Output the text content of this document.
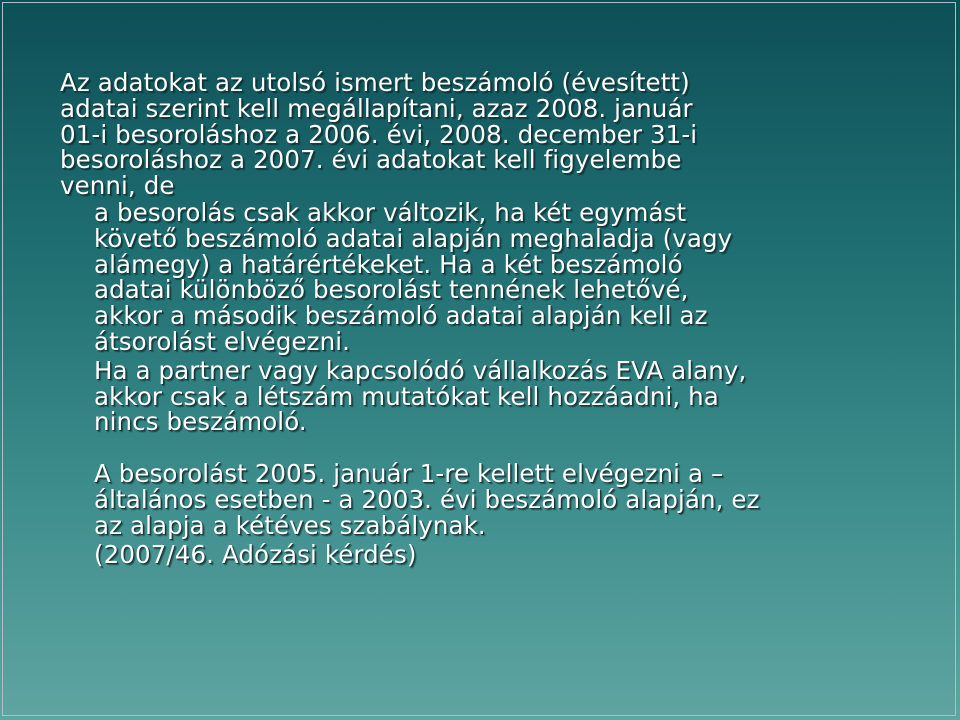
Az adatokat az utolsó ismert beszámoló (évesített)
adatai szerint kell megállapítani, azaz 2008. január
01-i besoroláshoz a 2006. évi, 2008. december 31-i
besoroláshoz a 2007. évi adatokat kell figyelembe
venni, de

a besorolás csak akkor változik, ha két egymást
követő beszámoló adatai alapján meghaladja (vagy
alámegy) a határértékeket. Ha a két beszámoló
adatai különböző besorolást tennének lehetővé,
akkor a második beszámoló adatai alapján kell az
átsorolást elvégezni.

Ha a partner vagy kapcsolódó vállalkozás EVA alany,
akkor csak a létszám mutatókat kell hozzáadni, ha
nincs beszámoló.

A besorolást 2005. január 1-re kellett elvégezni a –
általános esetben - a 2003. évi beszámoló alapján, ez
az alapja a kétéves szabálynak.

(2007/46. Adózási kérdés)
